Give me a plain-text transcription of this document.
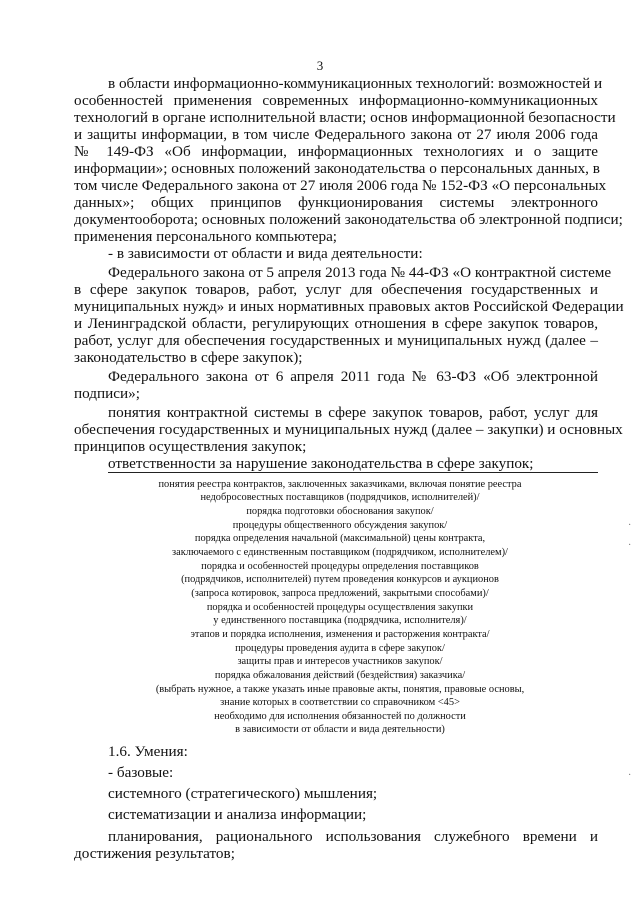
3
в области информационно-коммуникационных технологий: возможностей и
особенностей применения современных информационно-коммуникационных
технологий в органе исполнительной власти; основ информационной безопасности
и защиты информации, в том числе Федерального закона от 27 июля 2006 года
№ 149-ФЗ «Об информации, информационных технологиях и о защите
информации»; основных положений законодательства о персональных данных, в
том числе Федерального закона от 27 июля 2006 года № 152-ФЗ «О персональных
данных»; общих принципов функционирования системы электронного
документооборота; основных положений законодательства об электронной подписи;
применения персонального компьютера;
- в зависимости от области и вида деятельности:
Федерального закона от 5 апреля 2013 года № 44-ФЗ «О контрактной системе
в сфере закупок товаров, работ, услуг для обеспечения государственных и
муниципальных нужд» и иных нормативных правовых актов Российской Федерации
и Ленинградской области, регулирующих отношения в сфере закупок товаров,
работ, услуг для обеспечения государственных и муниципальных нужд (далее –
законодательство в сфере закупок);
Федерального закона от 6 апреля 2011 года № 63-ФЗ «Об электронной
подписи»;
понятия контрактной системы в сфере закупок товаров, работ, услуг для
обеспечения государственных и муниципальных нужд (далее – закупки) и основных
принципов осуществления закупок;
ответственности за нарушение законодательства в сфере закупок;
понятия реестра контрактов, заключенных заказчиками, включая понятие реестра
недобросовестных поставщиков (подрядчиков, исполнителей)/
порядка подготовки обоснования закупок/
процедуры общественного обсуждения закупок/
порядка определения начальной (максимальной) цены контракта,
заключаемого с единственным поставщиком (подрядчиком, исполнителем)/
порядка и особенностей процедуры определения поставщиков
(подрядчиков, исполнителей) путем проведения конкурсов и аукционов
(запроса котировок, запроса предложений, закрытыми способами)/
порядка и особенностей процедуры осуществления закупки
у единственного поставщика (подрядчика, исполнителя)/
этапов и порядка исполнения, изменения и расторжения контракта/
процедуры проведения аудита в сфере закупок/
защиты прав и интересов участников закупок/
порядка обжалования действий (бездействия) заказчика/
(выбрать нужное, а также указать иные правовые акты, понятия, правовые основы,
знание которых в соответствии со справочником <45>
необходимо для исполнения обязанностей по должности
в зависимости от области и вида деятельности)
1.6. Умения:
- базовые:
системного (стратегического) мышления;
систематизации и анализа информации;
планирования, рационального использования служебного времени и
достижения результатов;
·
·
·
